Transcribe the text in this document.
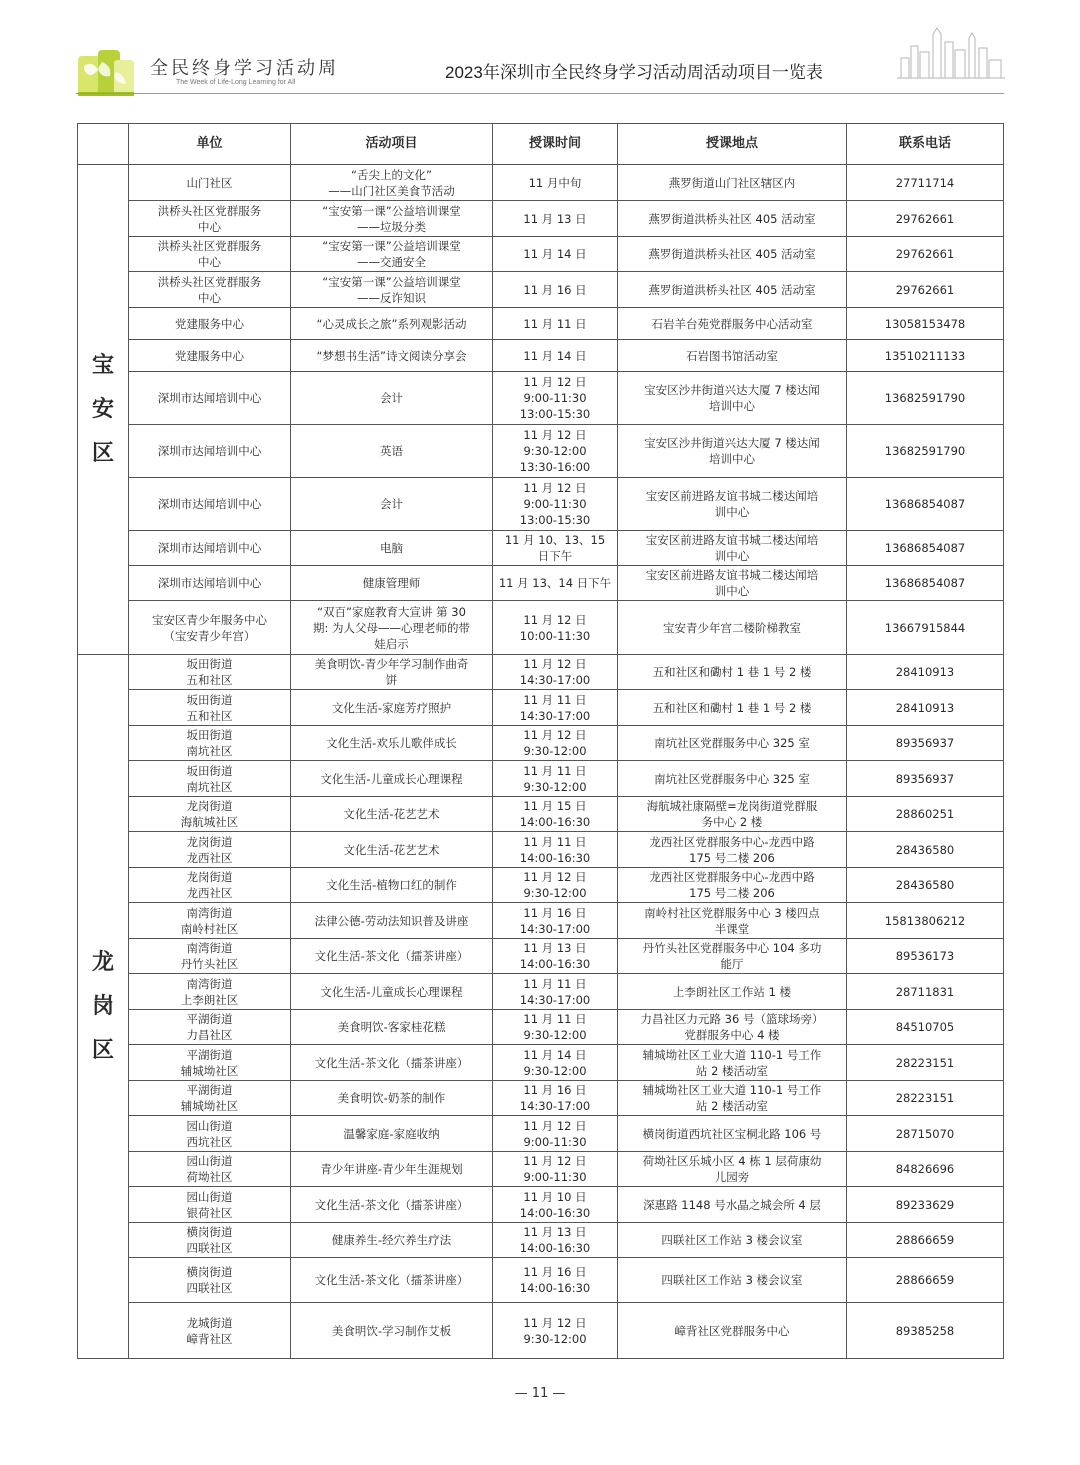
全民终身学习活动周
The Week of Life-Long Learning for All
2023年深圳市全民终身学习活动周活动项目一览表
	单位	活动项目	授课时间	授课地点	联系电话
宝安区	山门社区	“舌尖上的文化”
——山门社区美食节活动	11 月中旬	燕罗街道山门社区辖区内	27711714

	洪桥头社区党群服务
中心	“宝安第一课”公益培训课堂
——垃圾分类	11 月 13 日	燕罗街道洪桥头社区 405 活动室	29762661

	洪桥头社区党群服务
中心	“宝安第一课”公益培训课堂
——交通安全	11 月 14 日	燕罗街道洪桥头社区 405 活动室	29762661

	洪桥头社区党群服务
中心	“宝安第一课”公益培训课堂
——反诈知识	11 月 16 日	燕罗街道洪桥头社区 405 活动室	29762661

	党建服务中心	“心灵成长之旅”系列观影活动	11 月 11 日	石岩羊台苑党群服务中心活动室	13058153478

	党建服务中心	“梦想书生活”诗文阅读分享会	11 月 14 日	石岩图书馆活动室	13510211133

	深圳市达闻培训中心	会计	11 月 12 日
9:00-11:30
13:00-15:30	宝安区沙井街道兴达大厦 7 楼达闻
培训中心	13682591790

	深圳市达闻培训中心	英语	11 月 12 日
9:30-12:00
13:30-16:00	宝安区沙井街道兴达大厦 7 楼达闻
培训中心	13682591790

	深圳市达闻培训中心	会计	11 月 12 日
9:00-11:30
13:00-15:30	宝安区前进路友谊书城二楼达闻培
训中心	13686854087

	深圳市达闻培训中心	电脑	11 月 10、13、15
日下午	宝安区前进路友谊书城二楼达闻培
训中心	13686854087

	深圳市达闻培训中心	健康管理师	11 月 13、14 日下午	宝安区前进路友谊书城二楼达闻培
训中心	13686854087

	宝安区青少年服务中心
（宝安青少年宫）	“双百”家庭教育大宣讲 第 30
期: 为人父母——心理老师的带
娃启示	11 月 12 日
10:00-11:30	宝安青少年宫二楼阶梯教室	13667915844

龙岗区	坂田街道
五和社区	美食明饮-青少年学习制作曲奇
饼	11 月 12 日
14:30-17:00	五和社区和磡村 1 巷 1 号 2 楼	28410913

	坂田街道
五和社区	文化生活-家庭芳疗照护	11 月 11 日
14:30-17:00	五和社区和磡村 1 巷 1 号 2 楼	28410913

	坂田街道
南坑社区	文化生活-欢乐儿歌伴成长	11 月 12 日
9:30-12:00	南坑社区党群服务中心 325 室	89356937

	坂田街道
南坑社区	文化生活-儿童成长心理课程	11 月 11 日
9:30-12:00	南坑社区党群服务中心 325 室	89356937

	龙岗街道
海航城社区	文化生活-花艺艺术	11 月 15 日
14:00-16:30	海航城社康隔壁=龙岗街道党群服
务中心 2 楼	28860251

	龙岗街道
龙西社区	文化生活-花艺艺术	11 月 11 日
14:00-16:30	龙西社区党群服务中心-龙西中路
175 号二楼 206	28436580

	龙岗街道
龙西社区	文化生活-植物口红的制作	11 月 12 日
9:30-12:00	龙西社区党群服务中心-龙西中路
175 号二楼 206	28436580

	南湾街道
南岭村社区	法律公德-劳动法知识普及讲座	11 月 16 日
14:30-17:00	南岭村社区党群服务中心 3 楼四点
半课堂	15813806212

	南湾街道
丹竹头社区	文化生活-茶文化（擂茶讲座）	11 月 13 日
14:00-16:30	丹竹头社区党群服务中心 104 多功
能厅	89536173

	南湾街道
上李朗社区	文化生活-儿童成长心理课程	11 月 11 日
14:30-17:00	上李朗社区工作站 1 楼	28711831

	平湖街道
力昌社区	美食明饮-客家桂花糕	11 月 11 日
9:30-12:00	力昌社区力元路 36 号（篮球场旁）
党群服务中心 4 楼	84510705

	平湖街道
辅城坳社区	文化生活-茶文化（擂茶讲座）	11 月 14 日
9:30-12:00	辅城坳社区工业大道 110-1 号工作
站 2 楼活动室	28223151

	平湖街道
辅城坳社区	美食明饮-奶茶的制作	11 月 16 日
14:30-17:00	辅城坳社区工业大道 110-1 号工作
站 2 楼活动室	28223151

	园山街道
西坑社区	温馨家庭-家庭收纳	11 月 12 日
9:00-11:30	横岗街道西坑社区宝桐北路 106 号	28715070

	园山街道
荷坳社区	青少年讲座-青少年生涯规划	11 月 12 日
9:00-11:30	荷坳社区乐城小区 4 栋 1 层荷康幼
儿园旁	84826696

	园山街道
银荷社区	文化生活-茶文化（擂茶讲座）	11 月 10 日
14:00-16:30	深惠路 1148 号水晶之城会所 4 层	89233629

	横岗街道
四联社区	健康养生-经穴养生疗法	11 月 13 日
14:00-16:30	四联社区工作站 3 楼会议室	28866659

	横岗街道
四联社区	文化生活-茶文化（擂茶讲座）	11 月 16 日
14:00-16:30	四联社区工作站 3 楼会议室	28866659

	龙城街道
嶂背社区	美食明饮-学习制作艾板	11 月 12 日
9:30-12:00	嶂背社区党群服务中心	89385258
— 11 —
